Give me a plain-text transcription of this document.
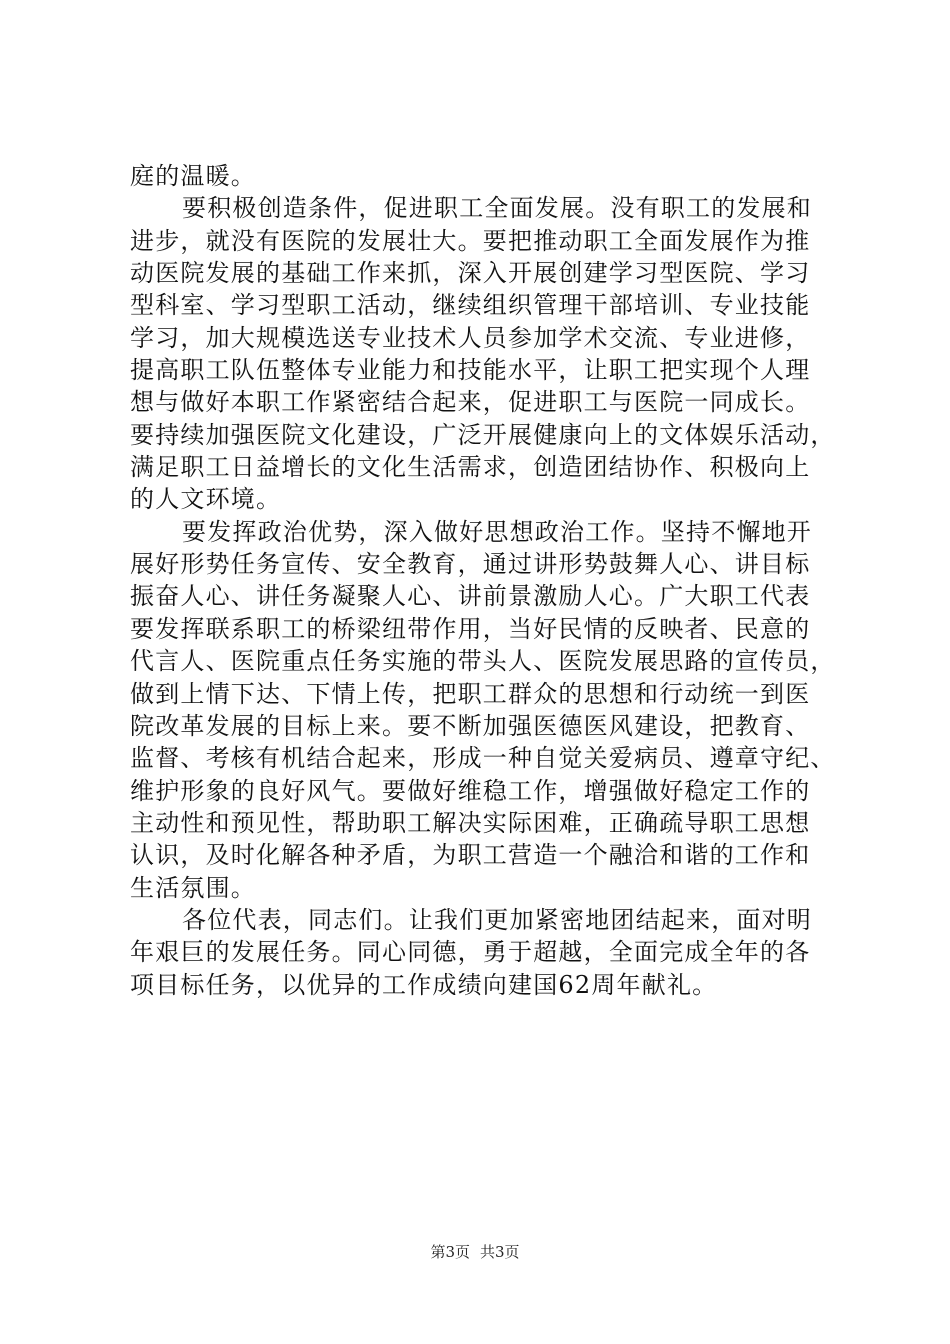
庭的温暖。
要积极创造条件，促进职工全面发展。没有职工的发展和
进步，就没有医院的发展壮大。要把推动职工全面发展作为推
动医院发展的基础工作来抓，深入开展创建学习型医院、学习
型科室、学习型职工活动，继续组织管理干部培训、专业技能
学习，加大规模选送专业技术人员参加学术交流、专业进修，
提高职工队伍整体专业能力和技能水平，让职工把实现个人理
想与做好本职工作紧密结合起来，促进职工与医院一同成长。
要持续加强医院文化建设，广泛开展健康向上的文体娱乐活动，
满足职工日益增长的文化生活需求，创造团结协作、积极向上
的人文环境。
要发挥政治优势，深入做好思想政治工作。坚持不懈地开
展好形势任务宣传、安全教育，通过讲形势鼓舞人心、讲目标
振奋人心、讲任务凝聚人心、讲前景激励人心。广大职工代表
要发挥联系职工的桥梁纽带作用，当好民情的反映者、民意的
代言人、医院重点任务实施的带头人、医院发展思路的宣传员，
做到上情下达、下情上传，把职工群众的思想和行动统一到医
院改革发展的目标上来。要不断加强医德医风建设，把教育、
监督、考核有机结合起来，形成一种自觉关爱病员、遵章守纪、
维护形象的良好风气。要做好维稳工作，增强做好稳定工作的
主动性和预见性，帮助职工解决实际困难，正确疏导职工思想
认识，及时化解各种矛盾，为职工营造一个融洽和谐的工作和
生活氛围。
各位代表，同志们。让我们更加紧密地团结起来，面对明
年艰巨的发展任务。同心同德，勇于超越，全面完成全年的各
项目标任务，以优异的工作成绩向建国62周年献礼。
第3页 共3页
